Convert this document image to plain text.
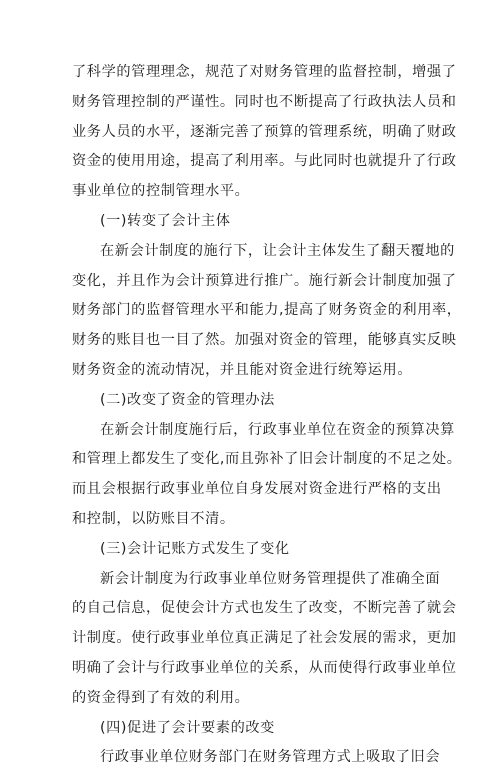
了科学的管理理念，规范了对财务管理的监督控制，增强了
财务管理控制的严谨性。同时也不断提高了行政执法人员和
业务人员的水平，逐渐完善了预算的管理系统，明确了财政
资金的使用用途，提高了利用率。与此同时也就提升了行政
事业单位的控制管理水平。
(一)转变了会计主体
在新会计制度的施行下，让会计主体发生了翻天覆地的
变化，并且作为会计预算进行推广。施行新会计制度加强了
财务部门的监督管理水平和能力,提高了财务资金的利用率，
财务的账目也一目了然。加强对资金的管理，能够真实反映
财务资金的流动情况，并且能对资金进行统筹运用。
(二)改变了资金的管理办法
在新会计制度施行后，行政事业单位在资金的预算决算
和管理上都发生了变化,而且弥补了旧会计制度的不足之处。
而且会根据行政事业单位自身发展对资金进行严格的支出
和控制，以防账目不清。
(三)会计记账方式发生了变化
新会计制度为行政事业单位财务管理提供了准确全面
的自己信息，促使会计方式也发生了改变，不断完善了就会
计制度。使行政事业单位真正满足了社会发展的需求，更加
明确了会计与行政事业单位的关系，从而使得行政事业单位
的资金得到了有效的利用。
(四)促进了会计要素的改变
行政事业单位财务部门在财务管理方式上吸取了旧会
